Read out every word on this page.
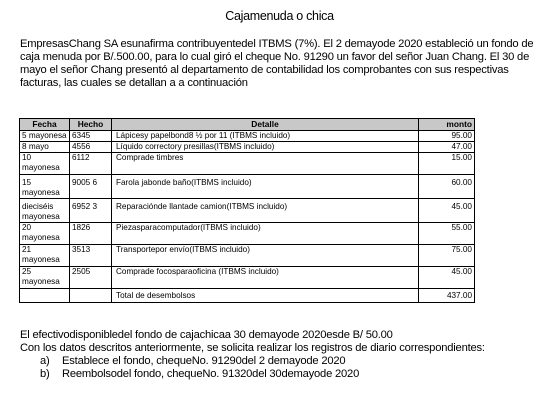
Cajamenuda o chica
EmpresasChang SA esunafirma contribuyentedel ITBMS (7%). El 2 demayode 2020 estableció un fondo de caja menuda por B/.500.00, para lo cual giró el cheque No. 91290 un favor del señor Juan Chang. El 30 de mayo el señor Chang presentó al departamento de contabilidad los comprobantes con sus respectivas facturas, las cuales se detallan a a continuación
Fecha	Hecho	Detalle	monto
5 mayonesa	6345	Lápicesy papelbond8 ½ por 11 (ITBMS incluido)	95.00
8 mayo	4556	Líquido correctory presillas(ITBMS incluido)	47.00
10 mayonesa	6112	Comprade timbres	15.00
15 mayonesa	9005 6	Farola jabonde baño(ITBMS incluido)	60.00
dieciséis mayonesa	6952 3	Reparaciónde llantade camion(ITBMS incluido)	45.00
20 mayonesa	1826	Piezasparacomputador(ITBMS incluido)	55.00
21 mayonesa	3513	Transportepor envío(ITBMS incluido)	75.00
25 mayonesa	2505	Comprade focosparaoficina (ITBMS incluido)	45.00
		Total de desembolsos	437.00
El efectivodisponibledel fondo de cajachicaa 30 demayode 2020esde B/ 50.00
Con los datos descritos anteriormente, se solicita realizar los registros de diario correspondientes:
a) Establece el fondo, chequeNo. 91290del 2 demayode 2020
b) Reembolsodel fondo, chequeNo. 91320del 30demayode 2020
